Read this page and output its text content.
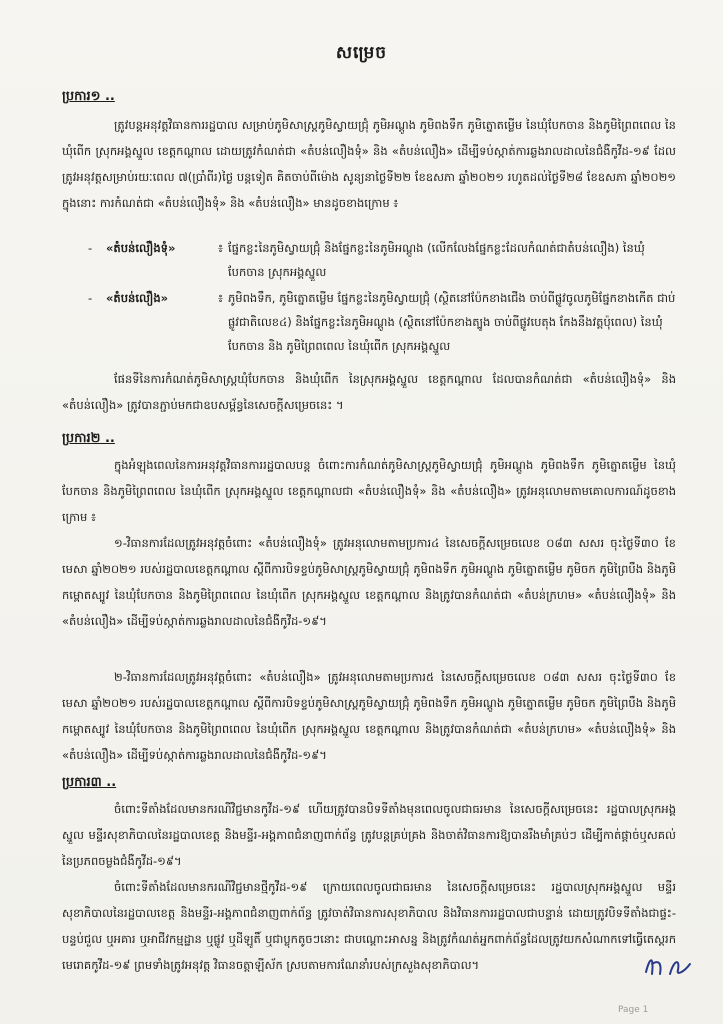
សម្រេច
ប្រការ១ ..
ត្រូវបន្តអនុវត្តវិធានការរដ្ឋបាល សម្រាប់ភូមិសាស្ត្រភូមិស្វាយជ្រុំ ភូមិអណ្ដូង ភូមិពងទឹក ភូមិត្នោតម្លើម នៃឃុំបែកចាន និងភូមិព្រៃពពេល នៃឃុំពើក ស្រុកអង្គស្នួល ខេត្តកណ្ដាល ដោយត្រូវកំណត់ជា «តំបន់លឿងទុំ» និង «តំបន់លឿង» ដើម្បីទប់ស្កាត់ការឆ្លងរាលដាលនៃជំងឺកូវីដ-១៩ ដែលត្រូវអនុវត្តសម្រាប់រយៈពេល ៧(ប្រាំពីរ)ថ្ងៃ បន្តទៀត គិតចាប់ពីម៉ោង សូន្យនាថ្ងៃទី២២ ខែឧសភា ឆ្នាំ២០២១ រហូតដល់ថ្ងៃទី២៨ ខែឧសភា ឆ្នាំ២០២១ ក្នុងនោះ ការកំណត់ជា «តំបន់លឿងទុំ» និង «តំបន់លឿង» មានដូចខាងក្រោម ៖
-	«តំបន់លឿងទុំ»	៖ ផ្នែកខ្លះនៃភូមិស្វាយជ្រុំ និងផ្នែកខ្លះនៃភូមិអណ្ដូង (លើកលែងផ្នែកខ្លះដែលកំណត់ជាតំបន់លឿង) នៃឃុំបែកចាន ស្រុកអង្គស្នួល
-	«តំបន់លឿង»	៖ ភូមិពងទឹក, ភូមិត្នោតម្លើម ផ្នែកខ្លះនៃភូមិស្វាយជ្រុំ (ស្ថិតនៅប៉ែកខាងជើង ចាប់ពីផ្លូវចូលភូមិផ្នែកខាងកើត ជាប់ផ្លូវជាតិលេខ៤) និងផ្នែកខ្លះនៃភូមិអណ្ដូង (ស្ថិតនៅប៉ែកខាងត្បូង ចាប់ពីផ្លូវបេតុង កែងនឹងវត្តប៉ុពេល) នៃឃុំបែកចាន និង ភូមិព្រៃពពេល នៃឃុំពើក ស្រុកអង្គស្នួល
ផែនទីនៃការកំណត់ភូមិសាស្ត្រឃុំបែកចាន និងឃុំពើក នៃស្រុកអង្គស្នួល ខេត្តកណ្ដាល ដែលបានកំណត់ជា «តំបន់លឿងទុំ» និង «តំបន់លឿង» ត្រូវបានភ្ជាប់មកជាឧបសម្ព័ន្ធនៃសេចក្ដីសម្រេចនេះ ។
ប្រការ២ ..
ក្នុងអំឡុងពេលនៃការអនុវត្តវិធានការរដ្ឋបាលបន្ត ចំពោះការកំណត់ភូមិសាស្ត្រភូមិស្វាយជ្រុំ ភូមិអណ្ដូង ភូមិពងទឹក ភូមិត្នោតម្លើម នៃឃុំបែកចាន និងភូមិព្រៃពពេល នៃឃុំពើក ស្រុកអង្គស្នួល ខេត្តកណ្ដាលជា «តំបន់លឿងទុំ» និង «តំបន់លឿង» ត្រូវអនុលោមតាមគោលការណ៍ដូចខាងក្រោម ៖
១-វិធានការដែលត្រូវអនុវត្តចំពោះ «តំបន់លឿងទុំ» ត្រូវអនុលោមតាមប្រការ៤ នៃសេចក្ដីសម្រេចលេខ ០៨៣ សសរ ចុះថ្ងៃទី៣០ ខែមេសា ឆ្នាំ២០២១ របស់រដ្ឋបាលខេត្តកណ្ដាល ស្ដីពីការបិទខ្ទប់ភូមិសាស្ត្រភូមិស្វាយជ្រុំ ភូមិពងទឹក ភូមិអណ្ដូង ភូមិត្នោតម្លើម ភូមិចក ភូមិព្រៃបឹង និងភូមិកម្ពោតស្បូវ នៃឃុំបែកចាន និងភូមិព្រៃពពេល នៃឃុំពើក ស្រុកអង្គស្នួល ខេត្តកណ្ដាល និងត្រូវបានកំណត់ជា «តំបន់ក្រហម» «តំបន់លឿងទុំ» និង «តំបន់លឿង» ដើម្បីទប់ស្កាត់ការឆ្លងរាលដាលនៃជំងឺកូវីដ-១៩។
២-វិធានការដែលត្រូវអនុវត្តចំពោះ «តំបន់លឿង» ត្រូវអនុលោមតាមប្រការ៥ នៃសេចក្ដីសម្រេចលេខ ០៨៣ សសរ ចុះថ្ងៃទី៣០ ខែមេសា ឆ្នាំ២០២១ របស់រដ្ឋបាលខេត្តកណ្ដាល ស្ដីពីការបិទខ្ទប់ភូមិសាស្ត្រភូមិស្វាយជ្រុំ ភូមិពងទឹក ភូមិអណ្ដូង ភូមិត្នោតម្លើម ភូមិចក ភូមិព្រៃបឹង និងភូមិកម្ពោតស្បូវ នៃឃុំបែកចាន និងភូមិព្រៃពពេល នៃឃុំពើក ស្រុកអង្គស្នួល ខេត្តកណ្ដាល និងត្រូវបានកំណត់ជា «តំបន់ក្រហម» «តំបន់លឿងទុំ» និង «តំបន់លឿង» ដើម្បីទប់ស្កាត់ការឆ្លងរាលដាលនៃជំងឺកូវីដ-១៩។
ប្រការ៣ ..
ចំពោះទីតាំងដែលមានករណីវិជ្ជមានកូវីដ-១៩ ហើយត្រូវបានបិទទីតាំងមុនពេលចូលជាធរមាន នៃសេចក្ដីសម្រេចនេះ រដ្ឋបាលស្រុកអង្គស្នួល មន្ទីរសុខាភិបាលនៃរដ្ឋបាលខេត្ត និងមន្ទីរ-អង្គភាពជំនាញពាក់ព័ន្ធ ត្រូវបន្តគ្រប់គ្រង និងចាត់វិធានការឱ្យបានរឹងមាំគ្រប់ៗ ដើម្បីកាត់ផ្ដាច់ឬសគល់នៃប្រភពចម្លងជំងឺកូវីដ-១៩។
ចំពោះទីតាំងដែលមានករណីវិជ្ជមានថ្មីកូវីដ-១៩ ក្រោយពេលចូលជាធរមាន នៃសេចក្ដីសម្រេចនេះ រដ្ឋបាលស្រុកអង្គស្នួល មន្ទីរសុខាភិបាលនៃរដ្ឋបាលខេត្ត និងមន្ទីរ-អង្គភាពជំនាញពាក់ព័ន្ធ ត្រូវចាត់វិធានការសុខាភិបាល និងវិធានការរដ្ឋបាលជាបន្ទាន់ ដោយត្រូវបិទទីតាំងជាផ្ទះ-បន្ទប់ជួល ឬអគារ ឬអាជីវកម្មដ្ឋាន ឬផ្លូវ ឬដីឡូតិ៍ ឬជាប្លុកតូចៗនោះ ជាបណ្ដោះអាសន្ន និងត្រូវកំណត់អ្នកពាក់ព័ន្ធដែលត្រូវយកសំណាកទៅធ្វើតេស្តរកមេរោគកូវីដ-១៩ ព្រមទាំងត្រូវអនុវត្ត វិធានចត្តាឡីស័ក ស្របតាមការណែនាំរបស់ក្រសួងសុខាភិបាល។
Page 1
